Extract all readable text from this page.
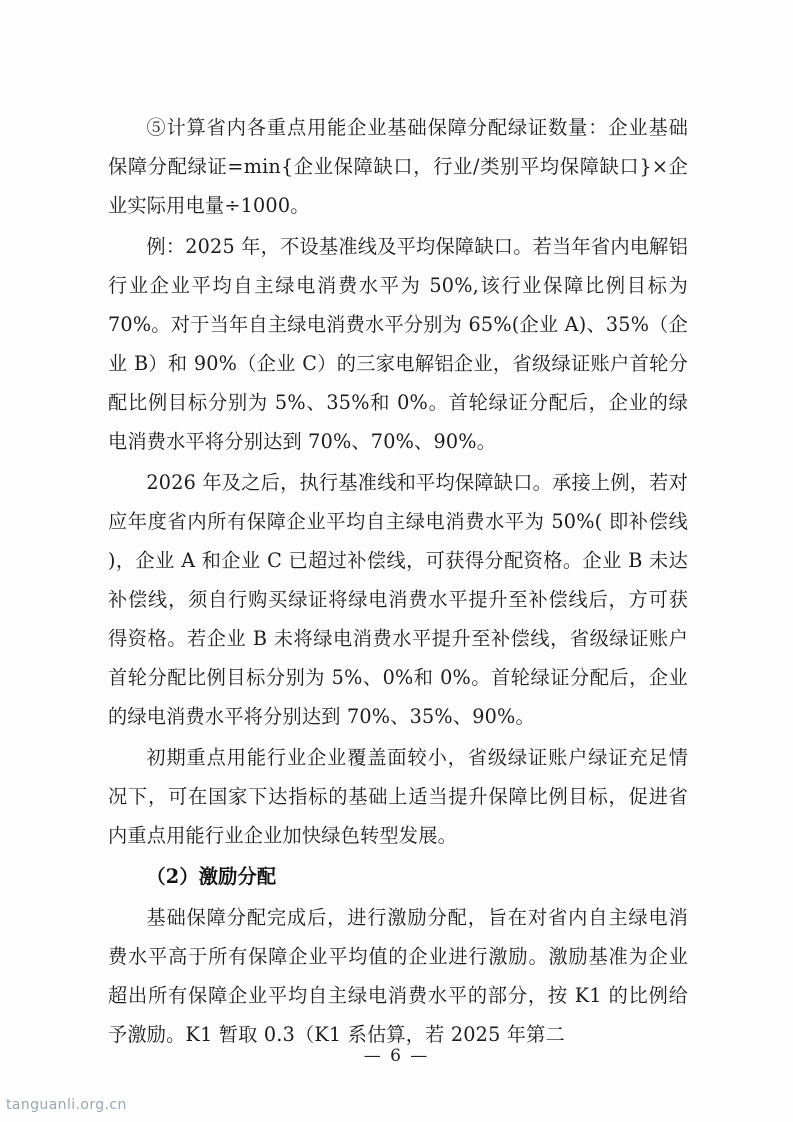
⑤计算省内各重点用能企业基础保障分配绿证数量：企业基础保障分配绿证=min{企业保障缺口，行业/类别平均保障缺口}×企业实际用电量÷1000。

例：2025 年，不设基准线及平均保障缺口。若当年省内电解铝行业企业平均自主绿电消费水平为 50%,该行业保障比例目标为 70%。对于当年自主绿电消费水平分别为 65%(企业 A)、35%（企业 B）和 90%（企业 C）的三家电解铝企业，省级绿证账户首轮分配比例目标分别为 5%、35%和 0%。首轮绿证分配后，企业的绿电消费水平将分别达到 70%、70%、90%。

2026 年及之后，执行基准线和平均保障缺口。承接上例，若对应年度省内所有保障企业平均自主绿电消费水平为 50%( 即补偿线 )，企业 A 和企业 C 已超过补偿线，可获得分配资格。企业 B 未达补偿线，须自行购买绿证将绿电消费水平提升至补偿线后，方可获得资格。若企业 B 未将绿电消费水平提升至补偿线，省级绿证账户首轮分配比例目标分别为 5%、0%和 0%。首轮绿证分配后，企业的绿电消费水平将分别达到 70%、35%、90%。

初期重点用能行业企业覆盖面较小，省级绿证账户绿证充足情况下，可在国家下达指标的基础上适当提升保障比例目标，促进省内重点用能行业企业加快绿色转型发展。

（2）激励分配

基础保障分配完成后，进行激励分配，旨在对省内自主绿电消费水平高于所有保障企业平均值的企业进行激励。激励基准为企业超出所有保障企业平均自主绿电消费水平的部分，按 K1 的比例给予激励。K1 暂取 0.3（K1 系估算，若 2025 年第二

— 6 —
tanguanli.org.cn
